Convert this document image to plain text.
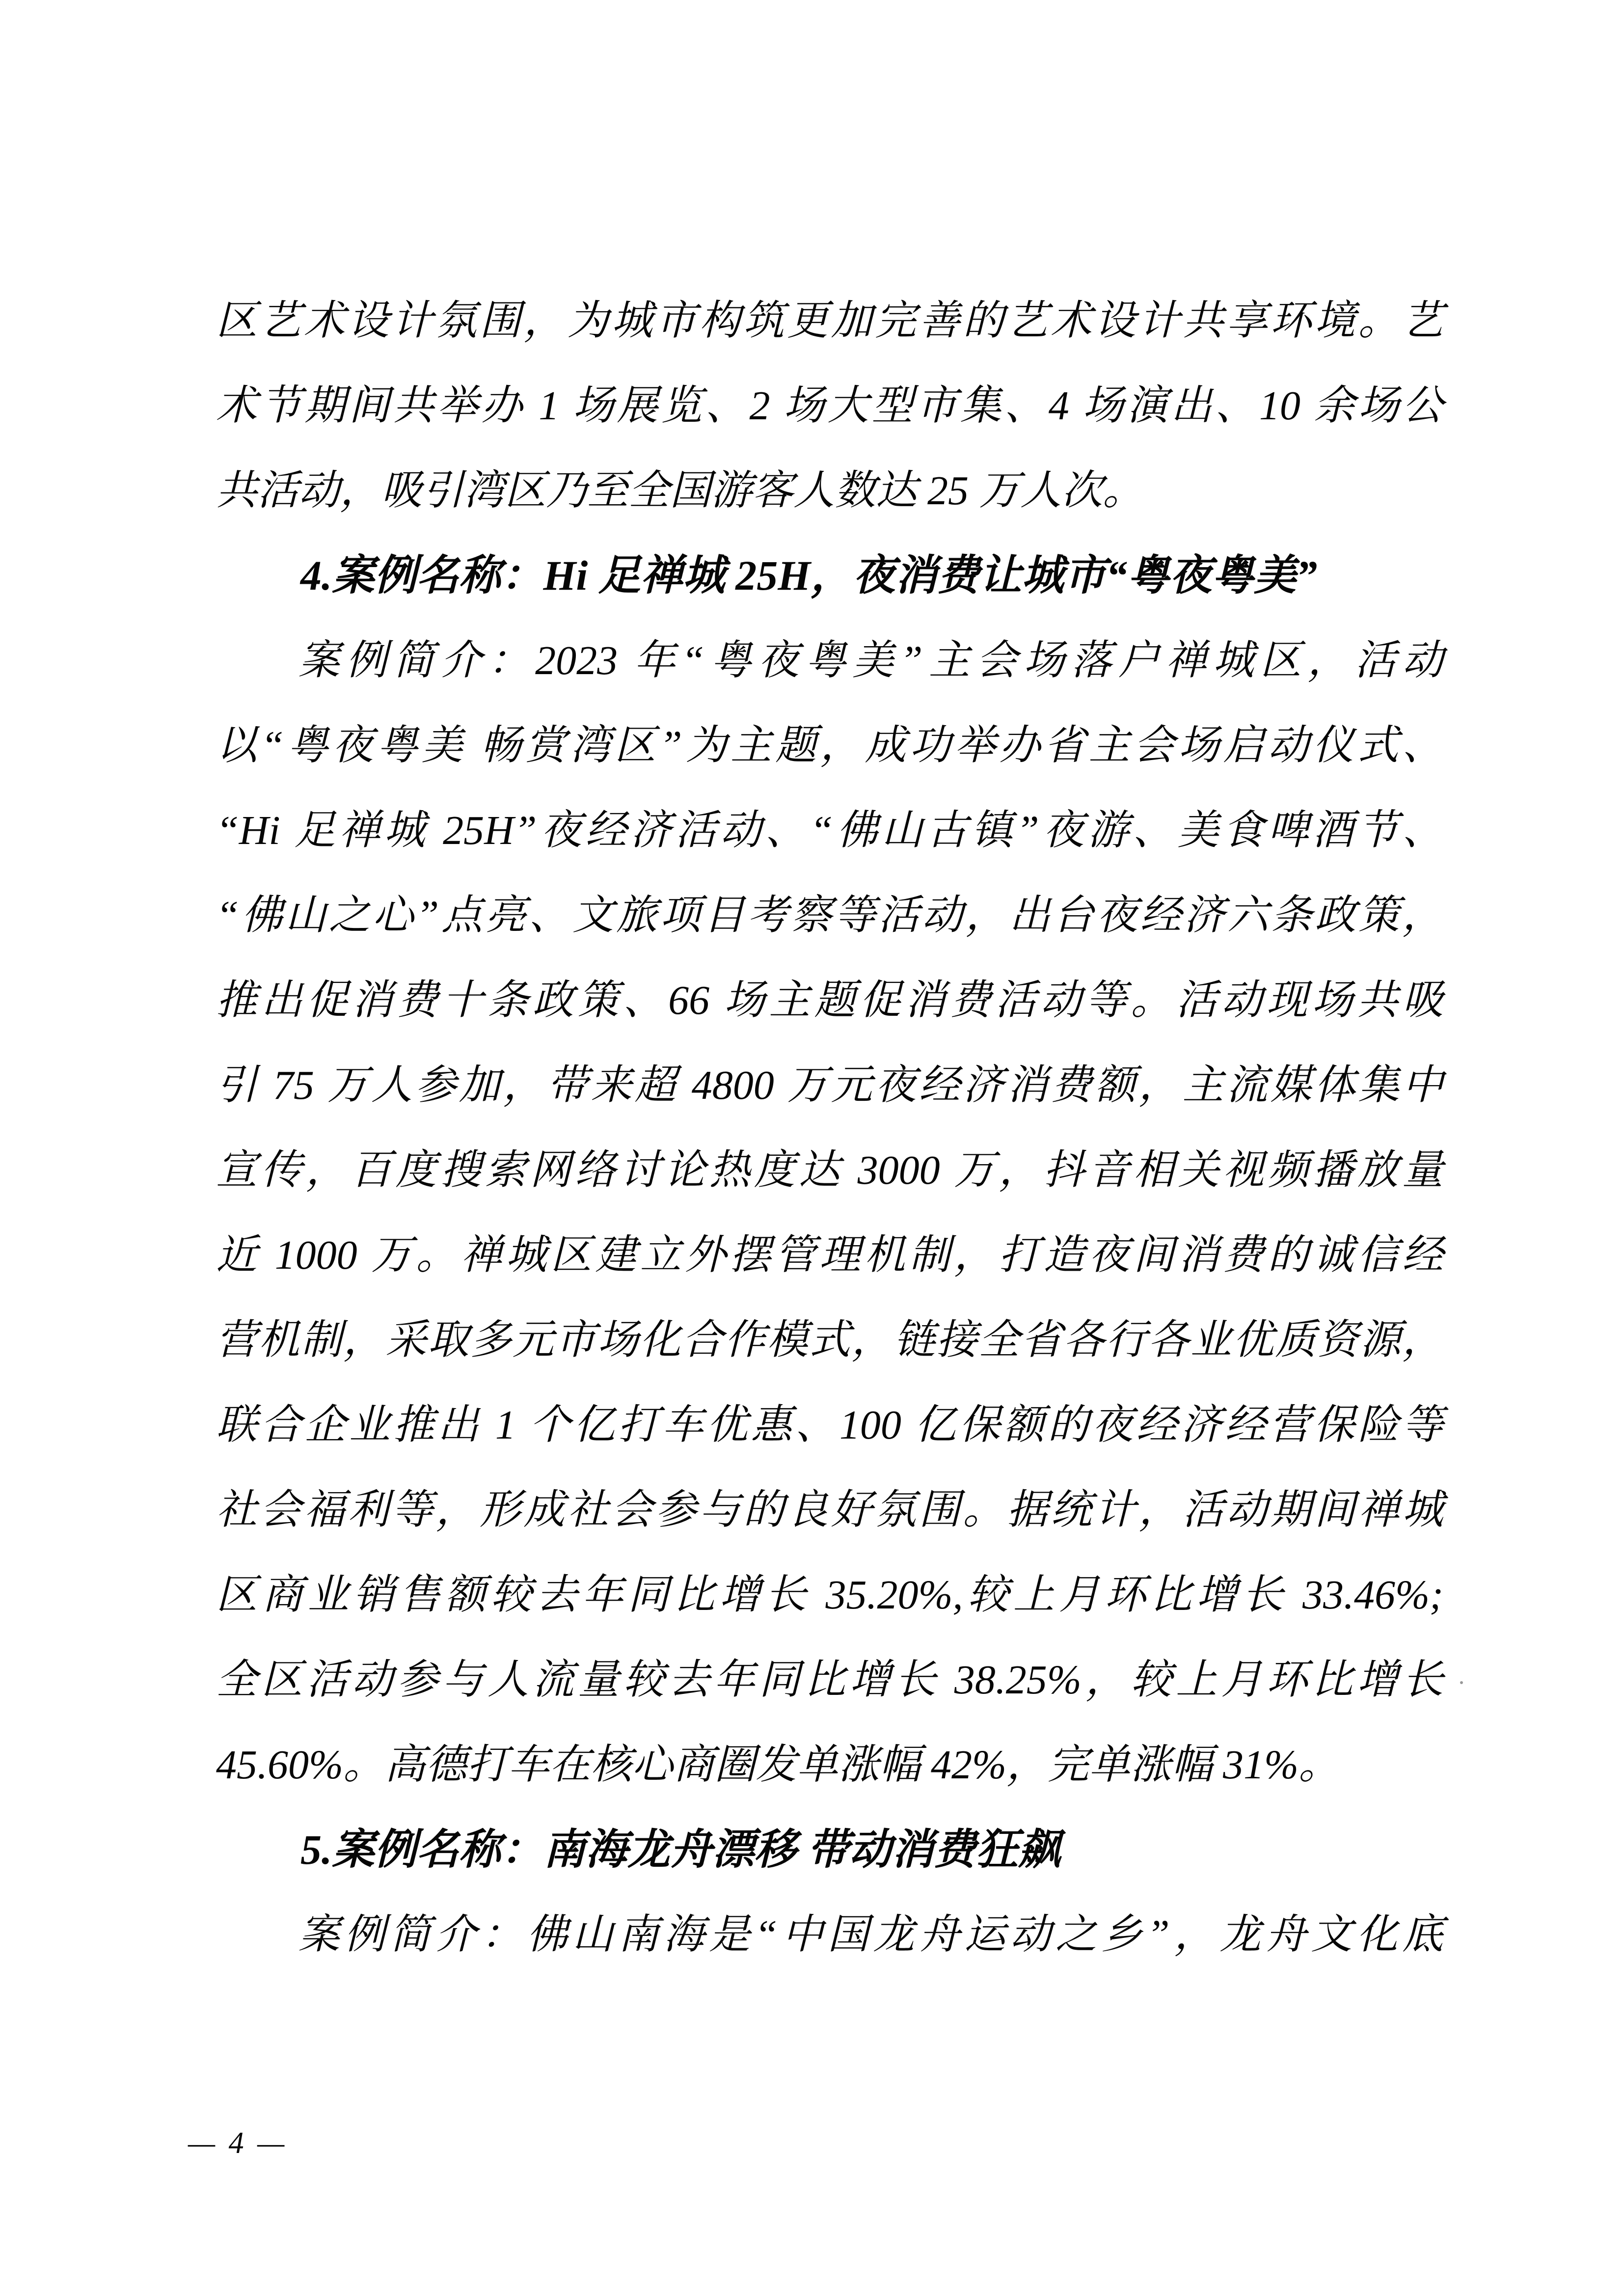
区艺术设计氛围，为城市构筑更加完善的艺术设计共享环境。艺
术节期间共举办 1 场展览、2 场大型市集、4 场演出、10 余场公
共活动，吸引湾区乃至全国游客人数达 25 万人次。
4.案例名称：Hi 足禅城 25H，夜消费让城市“粤夜粤美”
案例简介：2023 年“粤夜粤美”主会场落户禅城区，活动
以“粤夜粤美 畅赏湾区”为主题，成功举办省主会场启动仪式、
“Hi 足禅城 25H”夜经济活动、“佛山古镇”夜游、美食啤酒节、
“佛山之心”点亮、文旅项目考察等活动，出台夜经济六条政策，
推出促消费十条政策、66 场主题促消费活动等。活动现场共吸
引 75 万人参加，带来超 4800 万元夜经济消费额，主流媒体集中
宣传，百度搜索网络讨论热度达 3000 万，抖音相关视频播放量
近 1000 万。禅城区建立外摆管理机制，打造夜间消费的诚信经
营机制，采取多元市场化合作模式，链接全省各行各业优质资源，
联合企业推出 1 个亿打车优惠、100 亿保额的夜经济经营保险等
社会福利等，形成社会参与的良好氛围。据统计，活动期间禅城
区商业销售额较去年同比增长 35.20%,较上月环比增长 33.46%;
全区活动参与人流量较去年同比增长 38.25%，较上月环比增长
45.60%。高德打车在核心商圈发单涨幅 42%，完单涨幅 31%。
5.案例名称：南海龙舟漂移 带动消费狂飙
案例简介：佛山南海是“中国龙舟运动之乡”，龙舟文化底
— 4 —
